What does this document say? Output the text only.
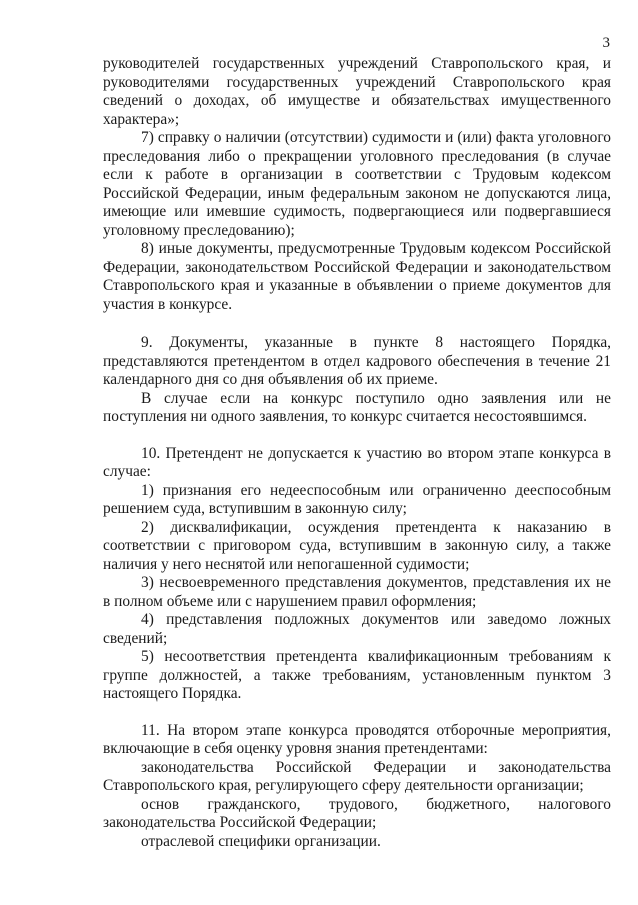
3

руководителей государственных учреждений Ставропольского края, и руководителями государственных учреждений Ставропольского края сведений о доходах, об имуществе и обязательствах имущественного характера»;

7) справку о наличии (отсутствии) судимости и (или) факта уголовного преследования либо о прекращении уголовного преследования (в случае если к работе в организации в соответствии с Трудовым кодексом Российской Федерации, иным федеральным законом не допускаются лица, имеющие или имевшие судимость, подвергающиеся или подвергавшиеся уголовному преследованию);

8) иные документы, предусмотренные Трудовым кодексом Российской Федерации, законодательством Российской Федерации и законодательством Ставропольского края и указанные в объявлении о приеме документов для участия в конкурсе.

9. Документы, указанные в пункте 8 настоящего Порядка, представляются претендентом в отдел кадрового обеспечения в течение 21 календарного дня со дня объявления об их приеме.

В случае если на конкурс поступило одно заявления или не поступления ни одного заявления, то конкурс считается несостоявшимся.

10. Претендент не допускается к участию во втором этапе конкурса в случае:

1) признания его недееспособным или ограниченно дееспособным решением суда, вступившим в законную силу;

2) дисквалификации, осуждения претендента к наказанию в соответствии с приговором суда, вступившим в законную силу, а также наличия у него неснятой или непогашенной судимости;

3) несвоевременного представления документов, представления их не в полном объеме или с нарушением правил оформления;

4) представления подложных документов или заведомо ложных сведений;

5) несоответствия претендента квалификационным требованиям к группе должностей, а также требованиям, установленным пунктом 3 настоящего Порядка.

11. На втором этапе конкурса проводятся отборочные мероприятия, включающие в себя оценку уровня знания претендентами:

законодательства Российской Федерации и законодательства Ставропольского края, регулирующего сферу деятельности организации;

основ гражданского, трудового, бюджетного, налогового законодательства Российской Федерации;

отраслевой специфики организации.
